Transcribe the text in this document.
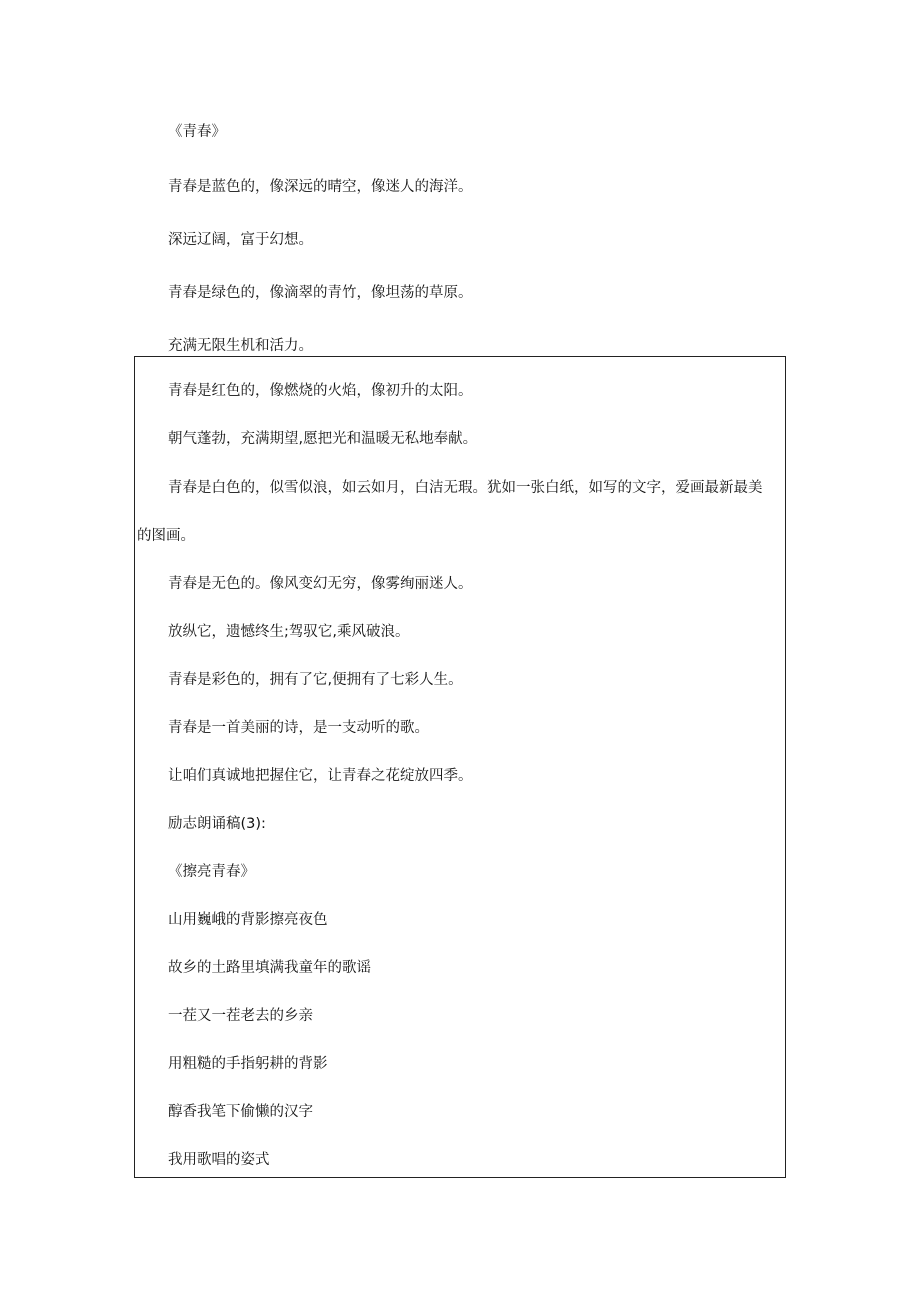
《青春》
青春是蓝色的，像深远的晴空，像迷人的海洋。
深远辽阔，富于幻想。
青春是绿色的，像滴翠的青竹，像坦荡的草原。
充满无限生机和活力。
青春是红色的，像燃烧的火焰，像初升的太阳。
朝气蓬勃，充满期望,愿把光和温暖无私地奉献。
青春是白色的，似雪似浪，如云如月，白洁无瑕。犹如一张白纸，如写的文字，爱画最新最美
的图画。
青春是无色的。像风变幻无穷，像雾绚丽迷人。
放纵它，遗憾终生;驾驭它,乘风破浪。
青春是彩色的，拥有了它,便拥有了七彩人生。
青春是一首美丽的诗，是一支动听的歌。
让咱们真诚地把握住它，让青春之花绽放四季。
励志朗诵稿(3):
《擦亮青春》
山用巍峨的背影擦亮夜色
故乡的土路里填满我童年的歌谣
一茬又一茬老去的乡亲
用粗糙的手指躬耕的背影
醇香我笔下偷懒的汉字
我用歌唱的姿式
